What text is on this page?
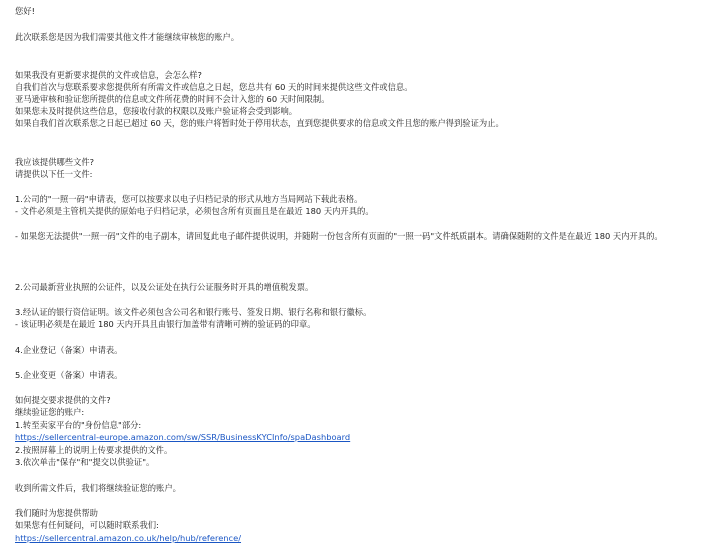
您好!
此次联系您是因为我们需要其他文件才能继续审核您的账户。
如果我没有更新要求提供的文件或信息，会怎么样?
自我们首次与您联系要求您提供所有所需文件或信息之日起，您总共有 60 天的时间来提供这些文件或信息。
亚马逊审核和验证您所提供的信息或文件所花费的时间不会计入您的 60 天时间限制。
如果您未及时提供这些信息，您接收付款的权限以及账户验证将会受到影响。
如果自我们首次联系您之日起已超过 60 天，您的账户将暂时处于停用状态，直到您提供要求的信息或文件且您的账户得到验证为止。
我应该提供哪些文件?
请提供以下任一文件:
1.公司的"一照一码"申请表，您可以按要求以电子归档记录的形式从地方当局网站下载此表格。
- 文件必须是主管机关提供的原始电子归档记录，必须包含所有页面且是在最近 180 天内开具的。
- 如果您无法提供"一照一码"文件的电子副本，请回复此电子邮件提供说明，并随附一份包含所有页面的"一照一码"文件纸质副本。请确保随附的文件是在最近 180 天内开具的。
2.公司最新营业执照的公证件，以及公证处在执行公证服务时开具的增值税发票。
3.经认证的银行资信证明。该文件必须包含公司名和银行账号、签发日期、银行名称和银行徽标。
- 该证明必须是在最近 180 天内开具且由银行加盖带有清晰可辨的验证码的印章。
4.企业登记（备案）申请表。
5.企业变更（备案）申请表。
如何提交要求提供的文件?
继续验证您的账户:
1.转至卖家平台的"身份信息"部分:
https://sellercentral-europe.amazon.com/sw/SSR/BusinessKYCInfo/spaDashboard
2.按照屏幕上的说明上传要求提供的文件。
3.依次单击"保存"和"提交以供验证"。
收到所需文件后，我们将继续验证您的账户。
我们随时为您提供帮助
如果您有任何疑问，可以随时联系我们:
https://sellercentral.amazon.co.uk/help/hub/reference/
